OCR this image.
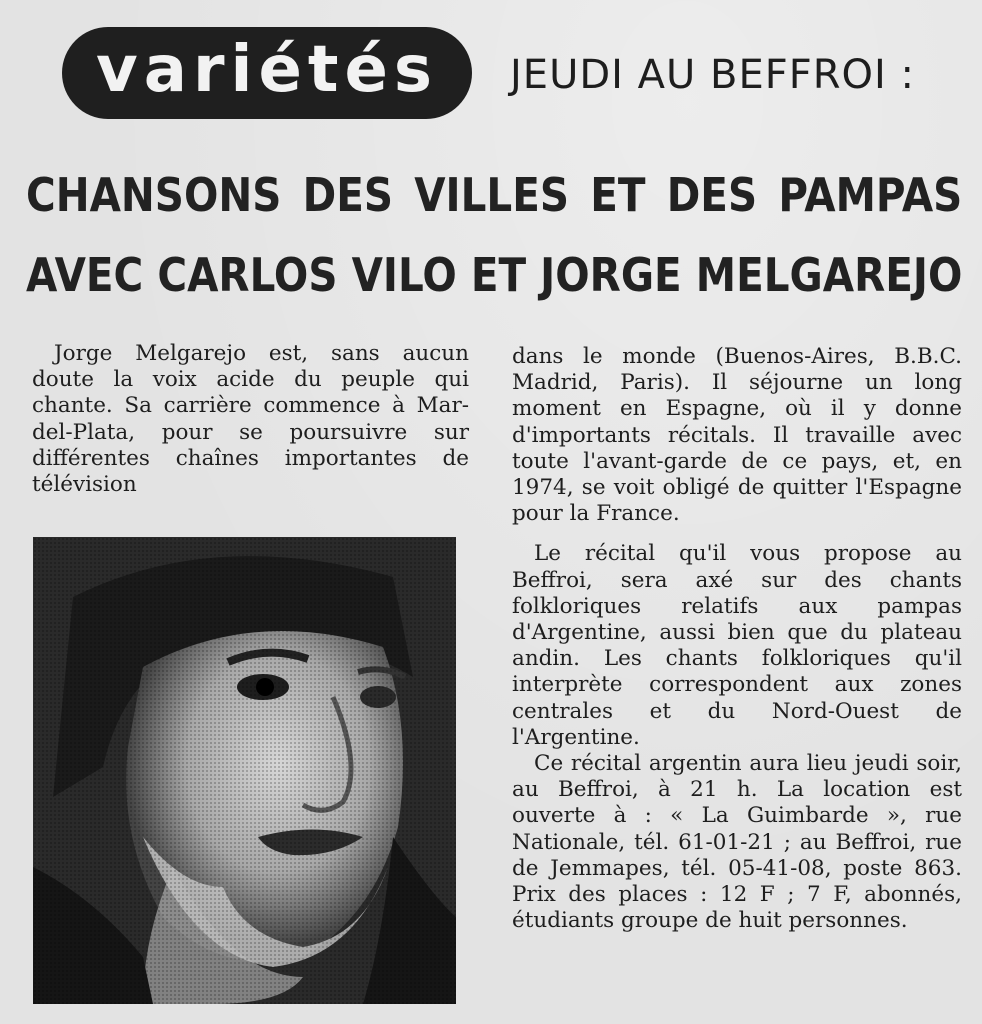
variétés JEUDI AU BEFFROI :
CHANSONS DES VILLES ET DES PAMPAS
AVEC CARLOS VILO ET JORGE MELGAREJO

Jorge Melgarejo est, sans aucun doute la voix acide du peuple qui chante. Sa carrière commence à Mar-del-Plata, pour se poursuivre sur différentes chaînes importantes de télévision

dans le monde (Buenos-Aires, B.B.C. Madrid, Paris). Il séjourne un long moment en Espagne, où il y donne d'importants récitals. Il travaille avec toute l'avant-garde de ce pays, et, en 1974, se voit obligé de quitter l'Espagne pour la France.

Le récital qu'il vous propose au Beffroi, sera axé sur des chants folkloriques relatifs aux pampas d'Argentine, aussi bien que du plateau andin. Les chants folkloriques qu'il interprète correspondent aux zones centrales et du Nord-Ouest de l'Argentine.

Ce récital argentin aura lieu jeudi soir, au Beffroi, à 21 h. La location est ouverte à : « La Guimbarde », rue Nationale, tél. 61-01-21 ; au Beffroi, rue de Jemmapes, tél. 05-41-08, poste 863. Prix des places : 12 F ; 7 F, abonnés, étudiants groupe de huit personnes.
